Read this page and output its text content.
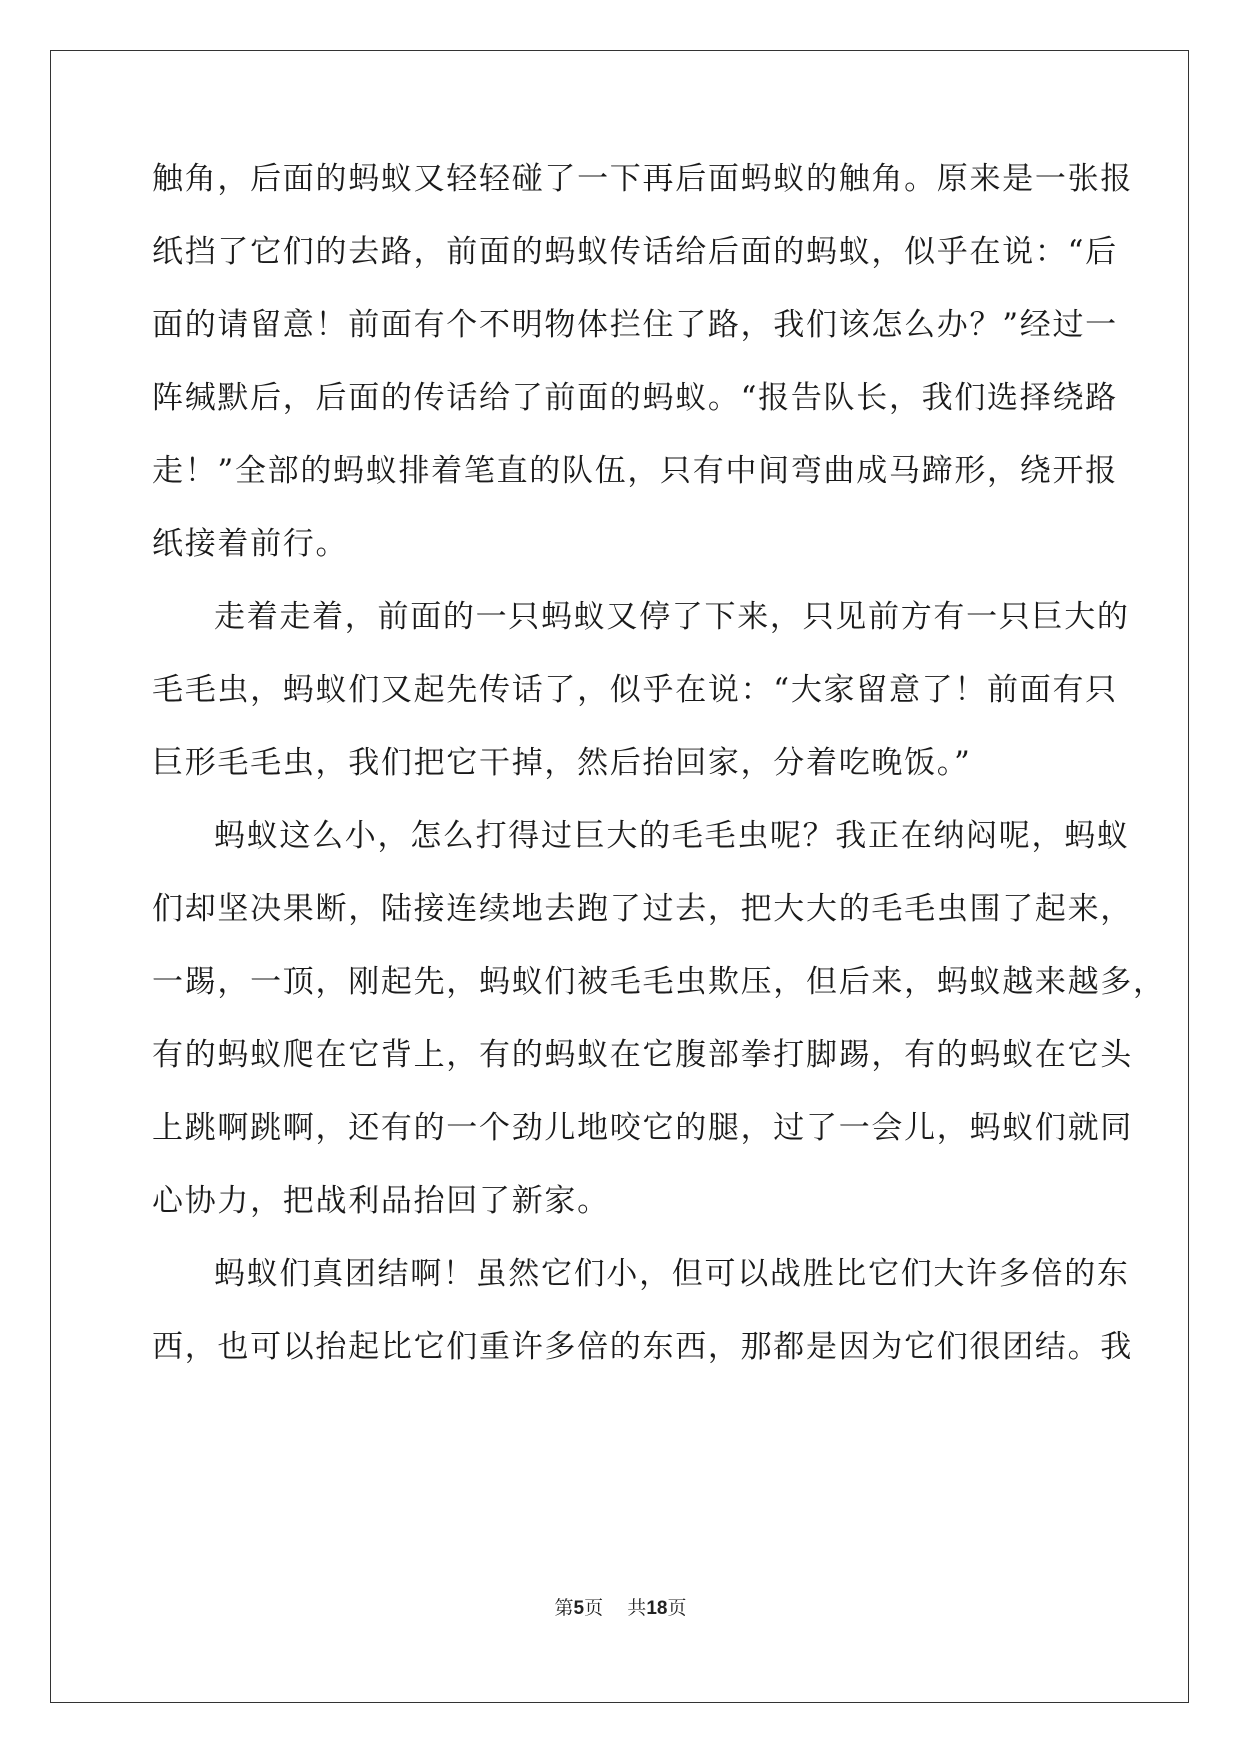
触角，后面的蚂蚁又轻轻碰了一下再后面蚂蚁的触角。原来是一张报
纸挡了它们的去路，前面的蚂蚁传话给后面的蚂蚁，似乎在说：“后
面的请留意！前面有个不明物体拦住了路，我们该怎么办？”经过一
阵缄默后，后面的传话给了前面的蚂蚁。“报告队长，我们选择绕路
走！”全部的蚂蚁排着笔直的队伍，只有中间弯曲成马蹄形，绕开报
纸接着前行。
走着走着，前面的一只蚂蚁又停了下来，只见前方有一只巨大的
毛毛虫，蚂蚁们又起先传话了，似乎在说：“大家留意了！前面有只
巨形毛毛虫，我们把它干掉，然后抬回家，分着吃晚饭。”
蚂蚁这么小，怎么打得过巨大的毛毛虫呢？我正在纳闷呢，蚂蚁
们却坚决果断，陆接连续地去跑了过去，把大大的毛毛虫围了起来，
一踢，一顶，刚起先，蚂蚁们被毛毛虫欺压，但后来，蚂蚁越来越多，
有的蚂蚁爬在它背上，有的蚂蚁在它腹部拳打脚踢，有的蚂蚁在它头
上跳啊跳啊，还有的一个劲儿地咬它的腿，过了一会儿，蚂蚁们就同
心协力，把战利品抬回了新家。
蚂蚁们真团结啊！虽然它们小，但可以战胜比它们大许多倍的东
西，也可以抬起比它们重许多倍的东西，那都是因为它们很团结。我
第5页 共18页
